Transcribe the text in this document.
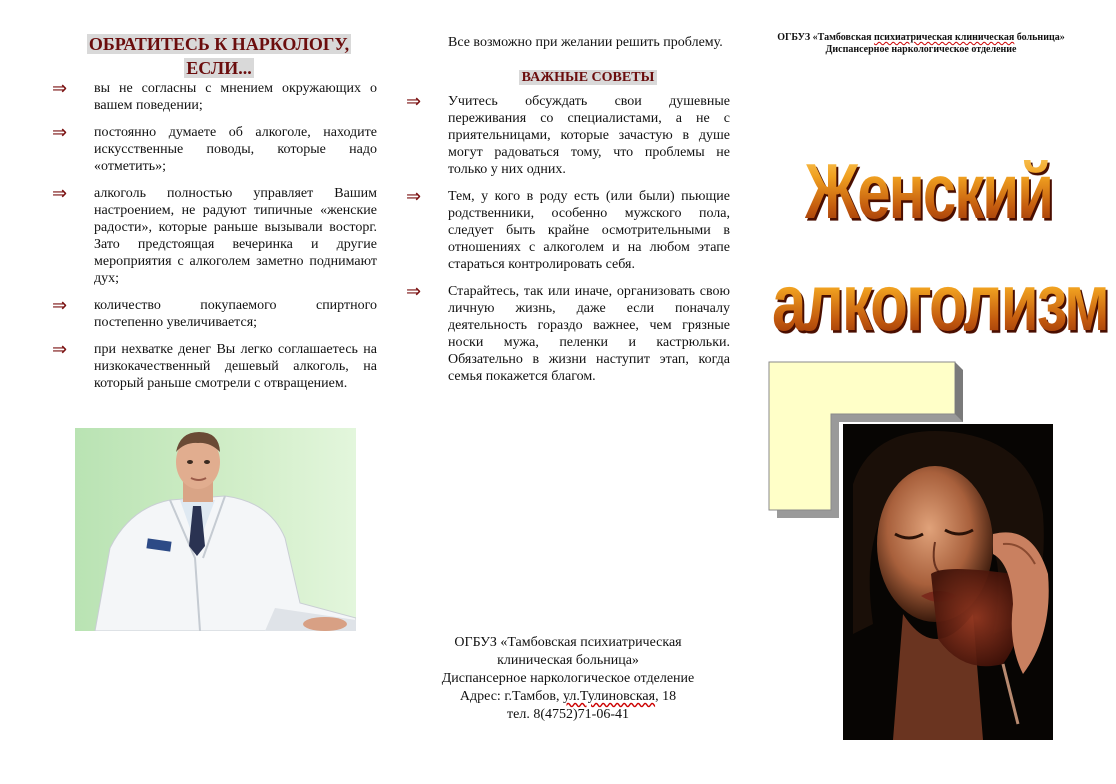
ОБРАТИТЕСЬ К НАРКОЛОГУ,
ЕСЛИ...
⇒	вы не согласны с мнением окружающих о вашем поведении;
⇒	постоянно думаете об алкоголе, находите искусственные поводы, которые надо «отметить»;
⇒	алкоголь полностью управляет Вашим настроением, не радуют типичные «женские радости», которые раньше вызывали восторг. Зато предстоящая вечеринка и другие мероприятия с алкоголем заметно поднимают дух;
⇒	количество покупаемого спиртного постепенно увеличивается;
⇒	при нехватке денег Вы легко соглашаетесь на низкокачественный дешевый алкоголь, на который раньше смотрели с отвращением.
Все возможно при желании решить проблему.
ВАЖНЫЕ СОВЕТЫ
⇒	Учитесь обсуждать свои душевные переживания со специалистами, а не с приятельницами, которые зачастую в душе могут радоваться тому, что проблемы не только у них одних.
⇒	Тем, у кого в роду есть (или были) пьющие родственники, особенно мужского пола, следует быть крайне осмотрительными в отношениях с алкоголем и на любом этапе стараться контролировать себя.
⇒	Старайтесь, так или иначе, организовать свою личную жизнь, даже если поначалу деятельность гораздо важнее, чем грязные носки мужа, пеленки и кастрюльки. Обязательно в жизни наступит этап, когда семья покажется благом.
ОГБУЗ «Тамбовская психиатрическая
клиническая больница»
Диспансерное наркологическое отделение
Адрес: г.Тамбов, ул.Тулиновская, 18
тел. 8(4752)71-06-41
ОГБУЗ «Тамбовская психиатрическая клиническая больница»
Диспансерное наркологическое отделение
Женский
алкоголизм
